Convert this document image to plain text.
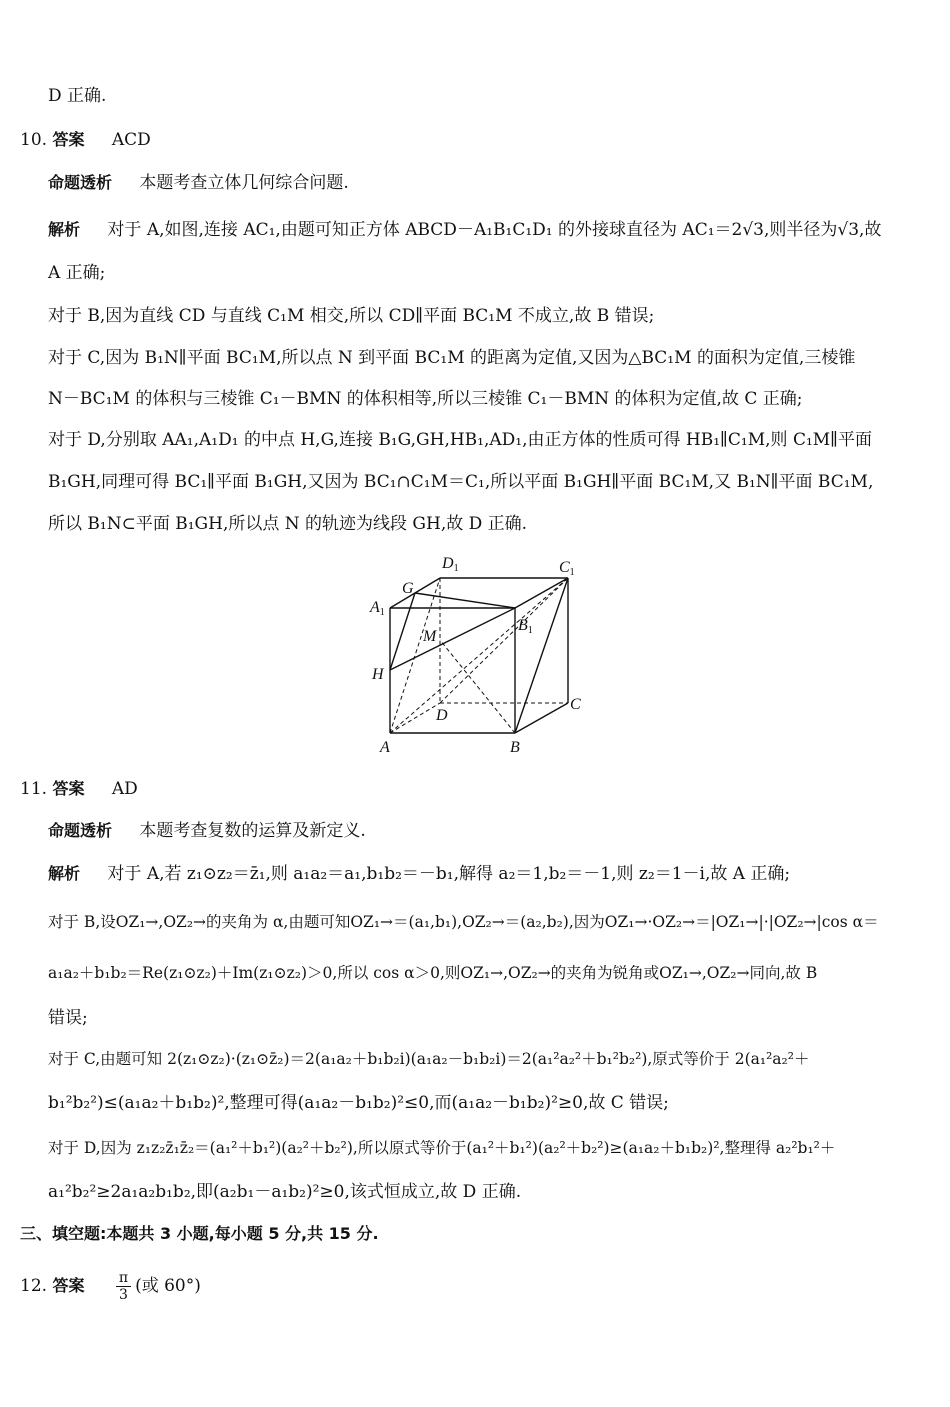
D 正确.
10. 答案 ACD
命题透析 本题考查立体几何综合问题.
解析 对于 A,如图,连接 AC₁,由题可知正方体 ABCD－A₁B₁C₁D₁ 的外接球直径为 AC₁＝2√3,则半径为√3,故
A 正确;
对于 B,因为直线 CD 与直线 C₁M 相交,所以 CD∥平面 BC₁M 不成立,故 B 错误;
对于 C,因为 B₁N∥平面 BC₁M,所以点 N 到平面 BC₁M 的距离为定值,又因为△BC₁M 的面积为定值,三棱锥
N－BC₁M 的体积与三棱锥 C₁－BMN 的体积相等,所以三棱锥 C₁－BMN 的体积为定值,故 C 正确;
对于 D,分别取 AA₁,A₁D₁ 的中点 H,G,连接 B₁G,GH,HB₁,AD₁,由正方体的性质可得 HB₁∥C₁M,则 C₁M∥平面
B₁GH,同理可得 BC₁∥平面 B₁GH,又因为 BC₁∩C₁M＝C₁,所以平面 B₁GH∥平面 BC₁M,又 B₁N∥平面 BC₁M,
所以 B₁N⊂平面 B₁GH,所以点 N 的轨迹为线段 GH,故 D 正确.
D1	C1
A1
B1
G
H
M
D
C
A	B
11. 答案 AD
命题透析 本题考查复数的运算及新定义.
解析 对于 A,若 z₁⊙z₂＝z̄₁,则 a₁a₂＝a₁,b₁b₂＝－b₁,解得 a₂＝1,b₂＝－1,则 z₂＝1－i,故 A 正确;
对于 B,设OZ₁→,OZ₂→的夹角为 α,由题可知OZ₁→＝(a₁,b₁),OZ₂→＝(a₂,b₂),因为OZ₁→·OZ₂→＝|OZ₁→|·|OZ₂→|cos α＝
a₁a₂＋b₁b₂＝Re(z₁⊙z₂)＋Im(z₁⊙z₂)＞0,所以 cos α＞0,则OZ₁→,OZ₂→的夹角为锐角或OZ₁→,OZ₂→同向,故 B
错误;
对于 C,由题可知 2(z₁⊙z₂)·(z₁⊙z̄₂)＝2(a₁a₂＋b₁b₂i)(a₁a₂－b₁b₂i)＝2(a₁²a₂²＋b₁²b₂²),原式等价于 2(a₁²a₂²＋
b₁²b₂²)≤(a₁a₂＋b₁b₂)²,整理可得(a₁a₂－b₁b₂)²≤0,而(a₁a₂－b₁b₂)²≥0,故 C 错误;
对于 D,因为 z₁z₂z̄₁z̄₂＝(a₁²＋b₁²)(a₂²＋b₂²),所以原式等价于(a₁²＋b₁²)(a₂²＋b₂²)≥(a₁a₂＋b₁b₂)²,整理得 a₂²b₁²＋
a₁²b₂²≥2a₁a₂b₁b₂,即(a₂b₁－a₁b₂)²≥0,该式恒成立,故 D 正确.
三、填空题:本题共 3 小题,每小题 5 分,共 15 分.
12. 答案 $\frac{\pi}{3}$ (或 60°)
